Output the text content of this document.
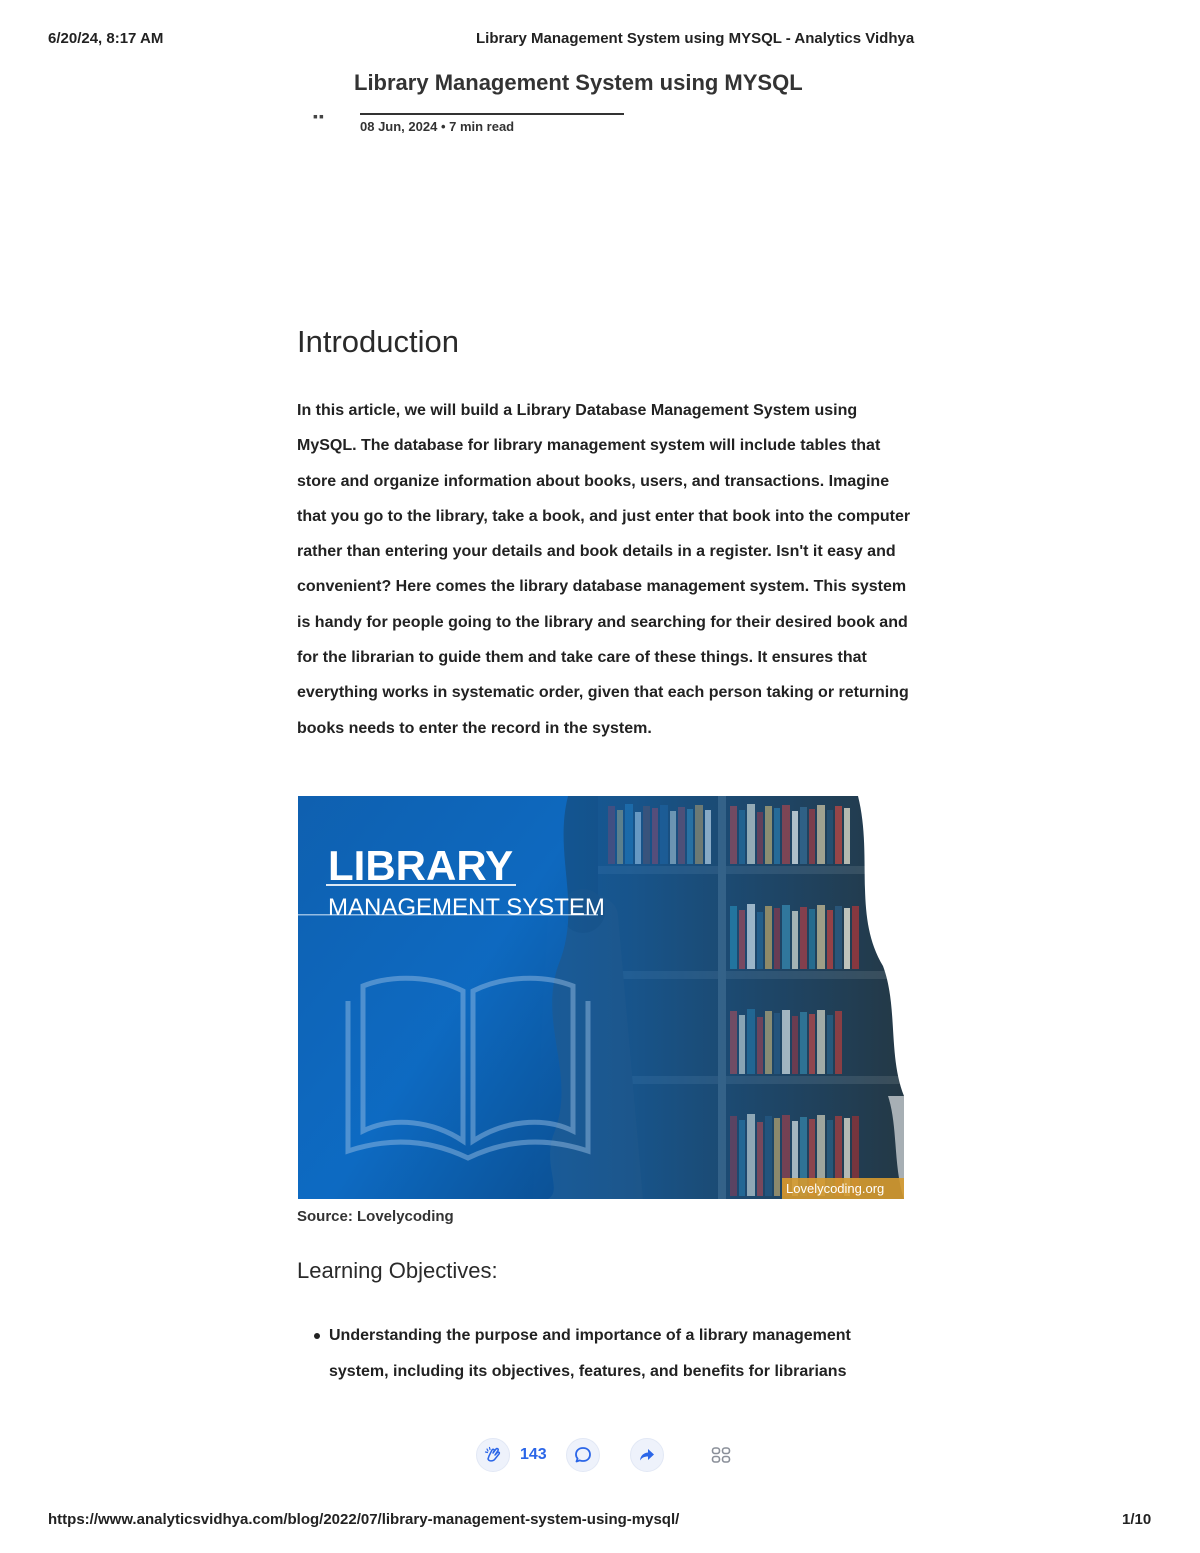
6/20/24, 8:17 AM	Library Management System using MYSQL - Analytics Vidhya
Library Management System using MYSQL
▪▪
08 Jun, 2024 • 7 min read
Introduction

In this article, we will build a Library Database Management System using MySQL. The database for library management system will include tables that store and organize information about books, users, and transactions. Imagine that you go to the library, take a book, and just enter that book into the computer rather than entering your details and book details in a register. Isn't it easy and convenient? Here comes the library database management system. This system is handy for people going to the library and searching for their desired book and for the librarian to guide them and take care of these things. It ensures that everything works in systematic order, given that each person taking or returning books needs to enter the record in the system.

LIBRARY
MANAGEMENT SYSTEM
Lovelycoding.org
Source: Lovelycoding
Learning Objectives:
Understanding the purpose and importance of a library management system, including its objectives, features, and benefits for librarians
143
https://www.analyticsvidhya.com/blog/2022/07/library-management-system-using-mysql/	1/10
